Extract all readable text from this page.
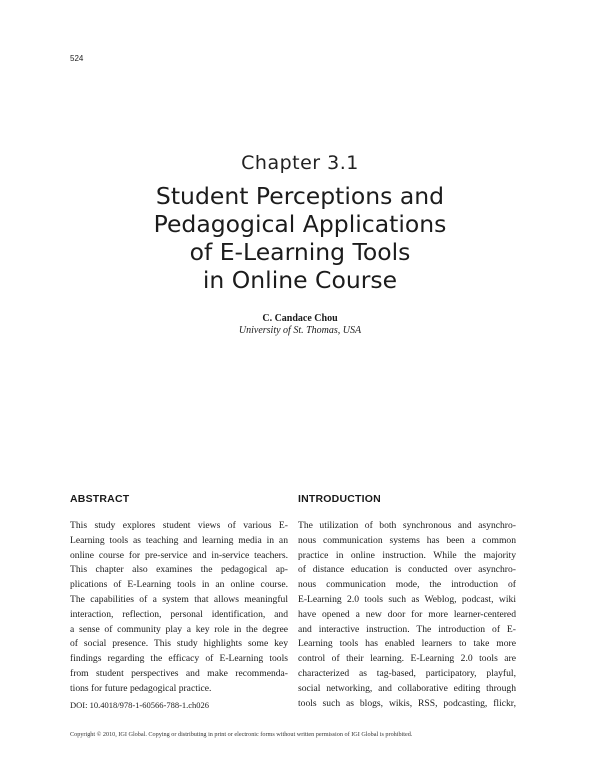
524
Chapter 3.1
Student Perceptions and
Pedagogical Applications
of E-Learning Tools
in Online Course
C. Candace Chou
University of St. Thomas, USA
ABSTRACT	INTRODUCTION
This study explores student views of various E-
Learning tools as teaching and learning media in an
online course for pre-service and in-service teachers.
This chapter also examines the pedagogical ap-
plications of E-Learning tools in an online course.
The capabilities of a system that allows meaningful
interaction, reflection, personal identification, and
a sense of community play a key role in the degree
of social presence. This study highlights some key
findings regarding the efficacy of E-Learning tools
from student perspectives and make recommenda-
tions for future pedagogical practice.
DOI: 10.4018/978-1-60566-788-1.ch026
The utilization of both synchronous and asynchro-
nous communication systems has been a common
practice in online instruction. While the majority
of distance education is conducted over asynchro-
nous communication mode, the introduction of
E-Learning 2.0 tools such as Weblog, podcast, wiki
have opened a new door for more learner-centered
and interactive instruction. The introduction of E-
Learning tools has enabled learners to take more
control of their learning. E-Learning 2.0 tools are
characterized as tag-based, participatory, playful,
social networking, and collaborative editing through
tools such as blogs, wikis, RSS, podcasting, flickr,
Copyright © 2010, IGI Global. Copying or distributing in print or electronic forms without written permission of IGI Global is prohibited.
